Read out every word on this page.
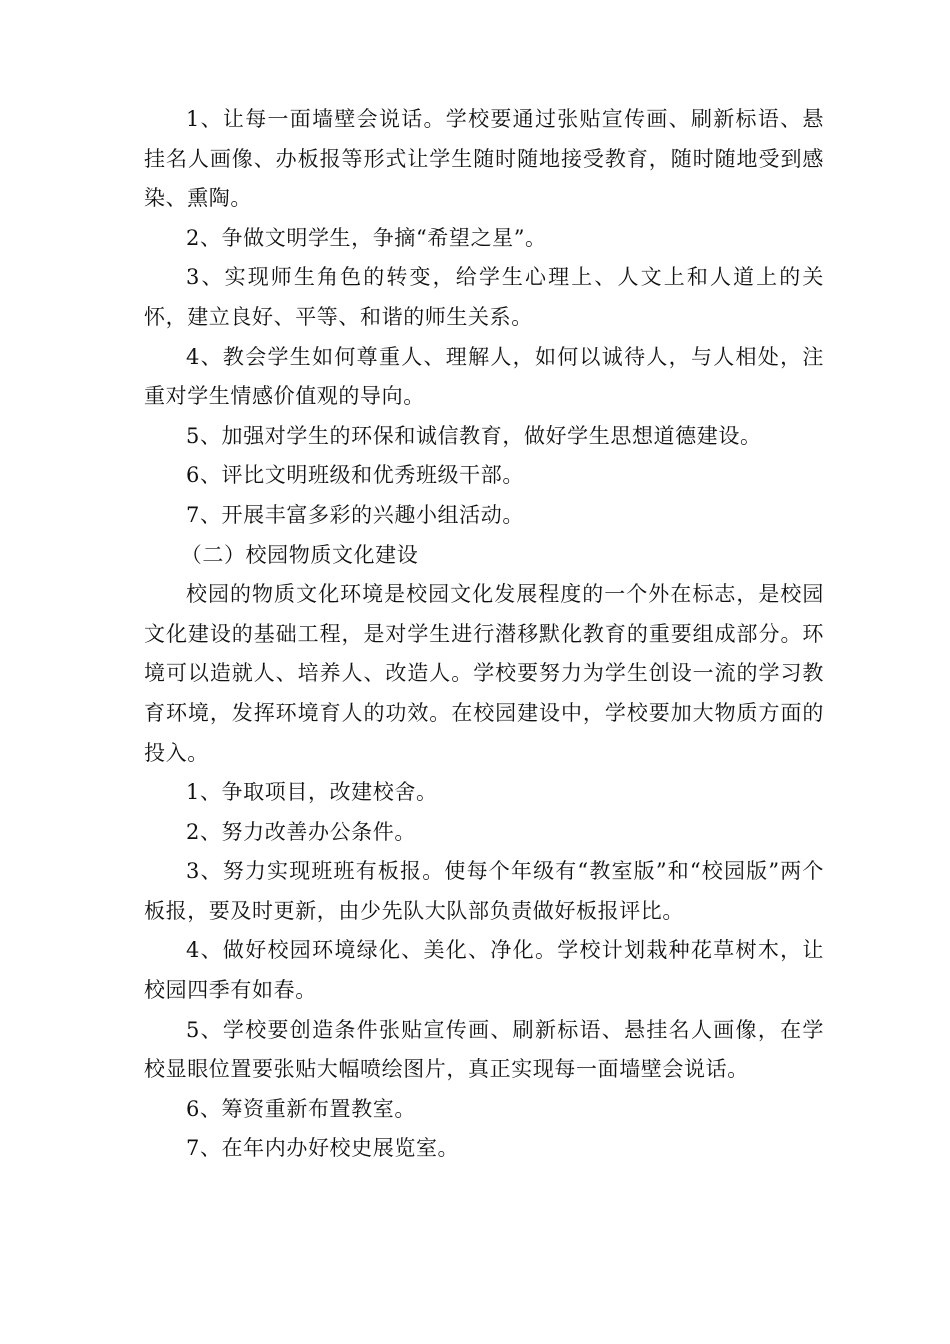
1、让每一面墙壁会说话。学校要通过张贴宣传画、刷新标语、悬挂名人画像、办板报等形式让学生随时随地接受教育，随时随地受到感染、熏陶。

2、争做文明学生，争摘“希望之星”。

3、实现师生角色的转变，给学生心理上、人文上和人道上的关怀，建立良好、平等、和谐的师生关系。

4、教会学生如何尊重人、理解人，如何以诚待人，与人相处，注重对学生情感价值观的导向。

5、加强对学生的环保和诚信教育，做好学生思想道德建设。

6、评比文明班级和优秀班级干部。

7、开展丰富多彩的兴趣小组活动。

（二）校园物质文化建设

校园的物质文化环境是校园文化发展程度的一个外在标志，是校园文化建设的基础工程，是对学生进行潜移默化教育的重要组成部分。环境可以造就人、培养人、改造人。学校要努力为学生创设一流的学习教育环境，发挥环境育人的功效。在校园建设中，学校要加大物质方面的投入。

1、争取项目，改建校舍。

2、努力改善办公条件。

3、努力实现班班有板报。使每个年级有“教室版”和“校园版”两个板报，要及时更新，由少先队大队部负责做好板报评比。

4、做好校园环境绿化、美化、净化。学校计划栽种花草树木，让校园四季有如春。

5、学校要创造条件张贴宣传画、刷新标语、悬挂名人画像，在学校显眼位置要张贴大幅喷绘图片，真正实现每一面墙壁会说话。

6、筹资重新布置教室。

7、在年内办好校史展览室。
